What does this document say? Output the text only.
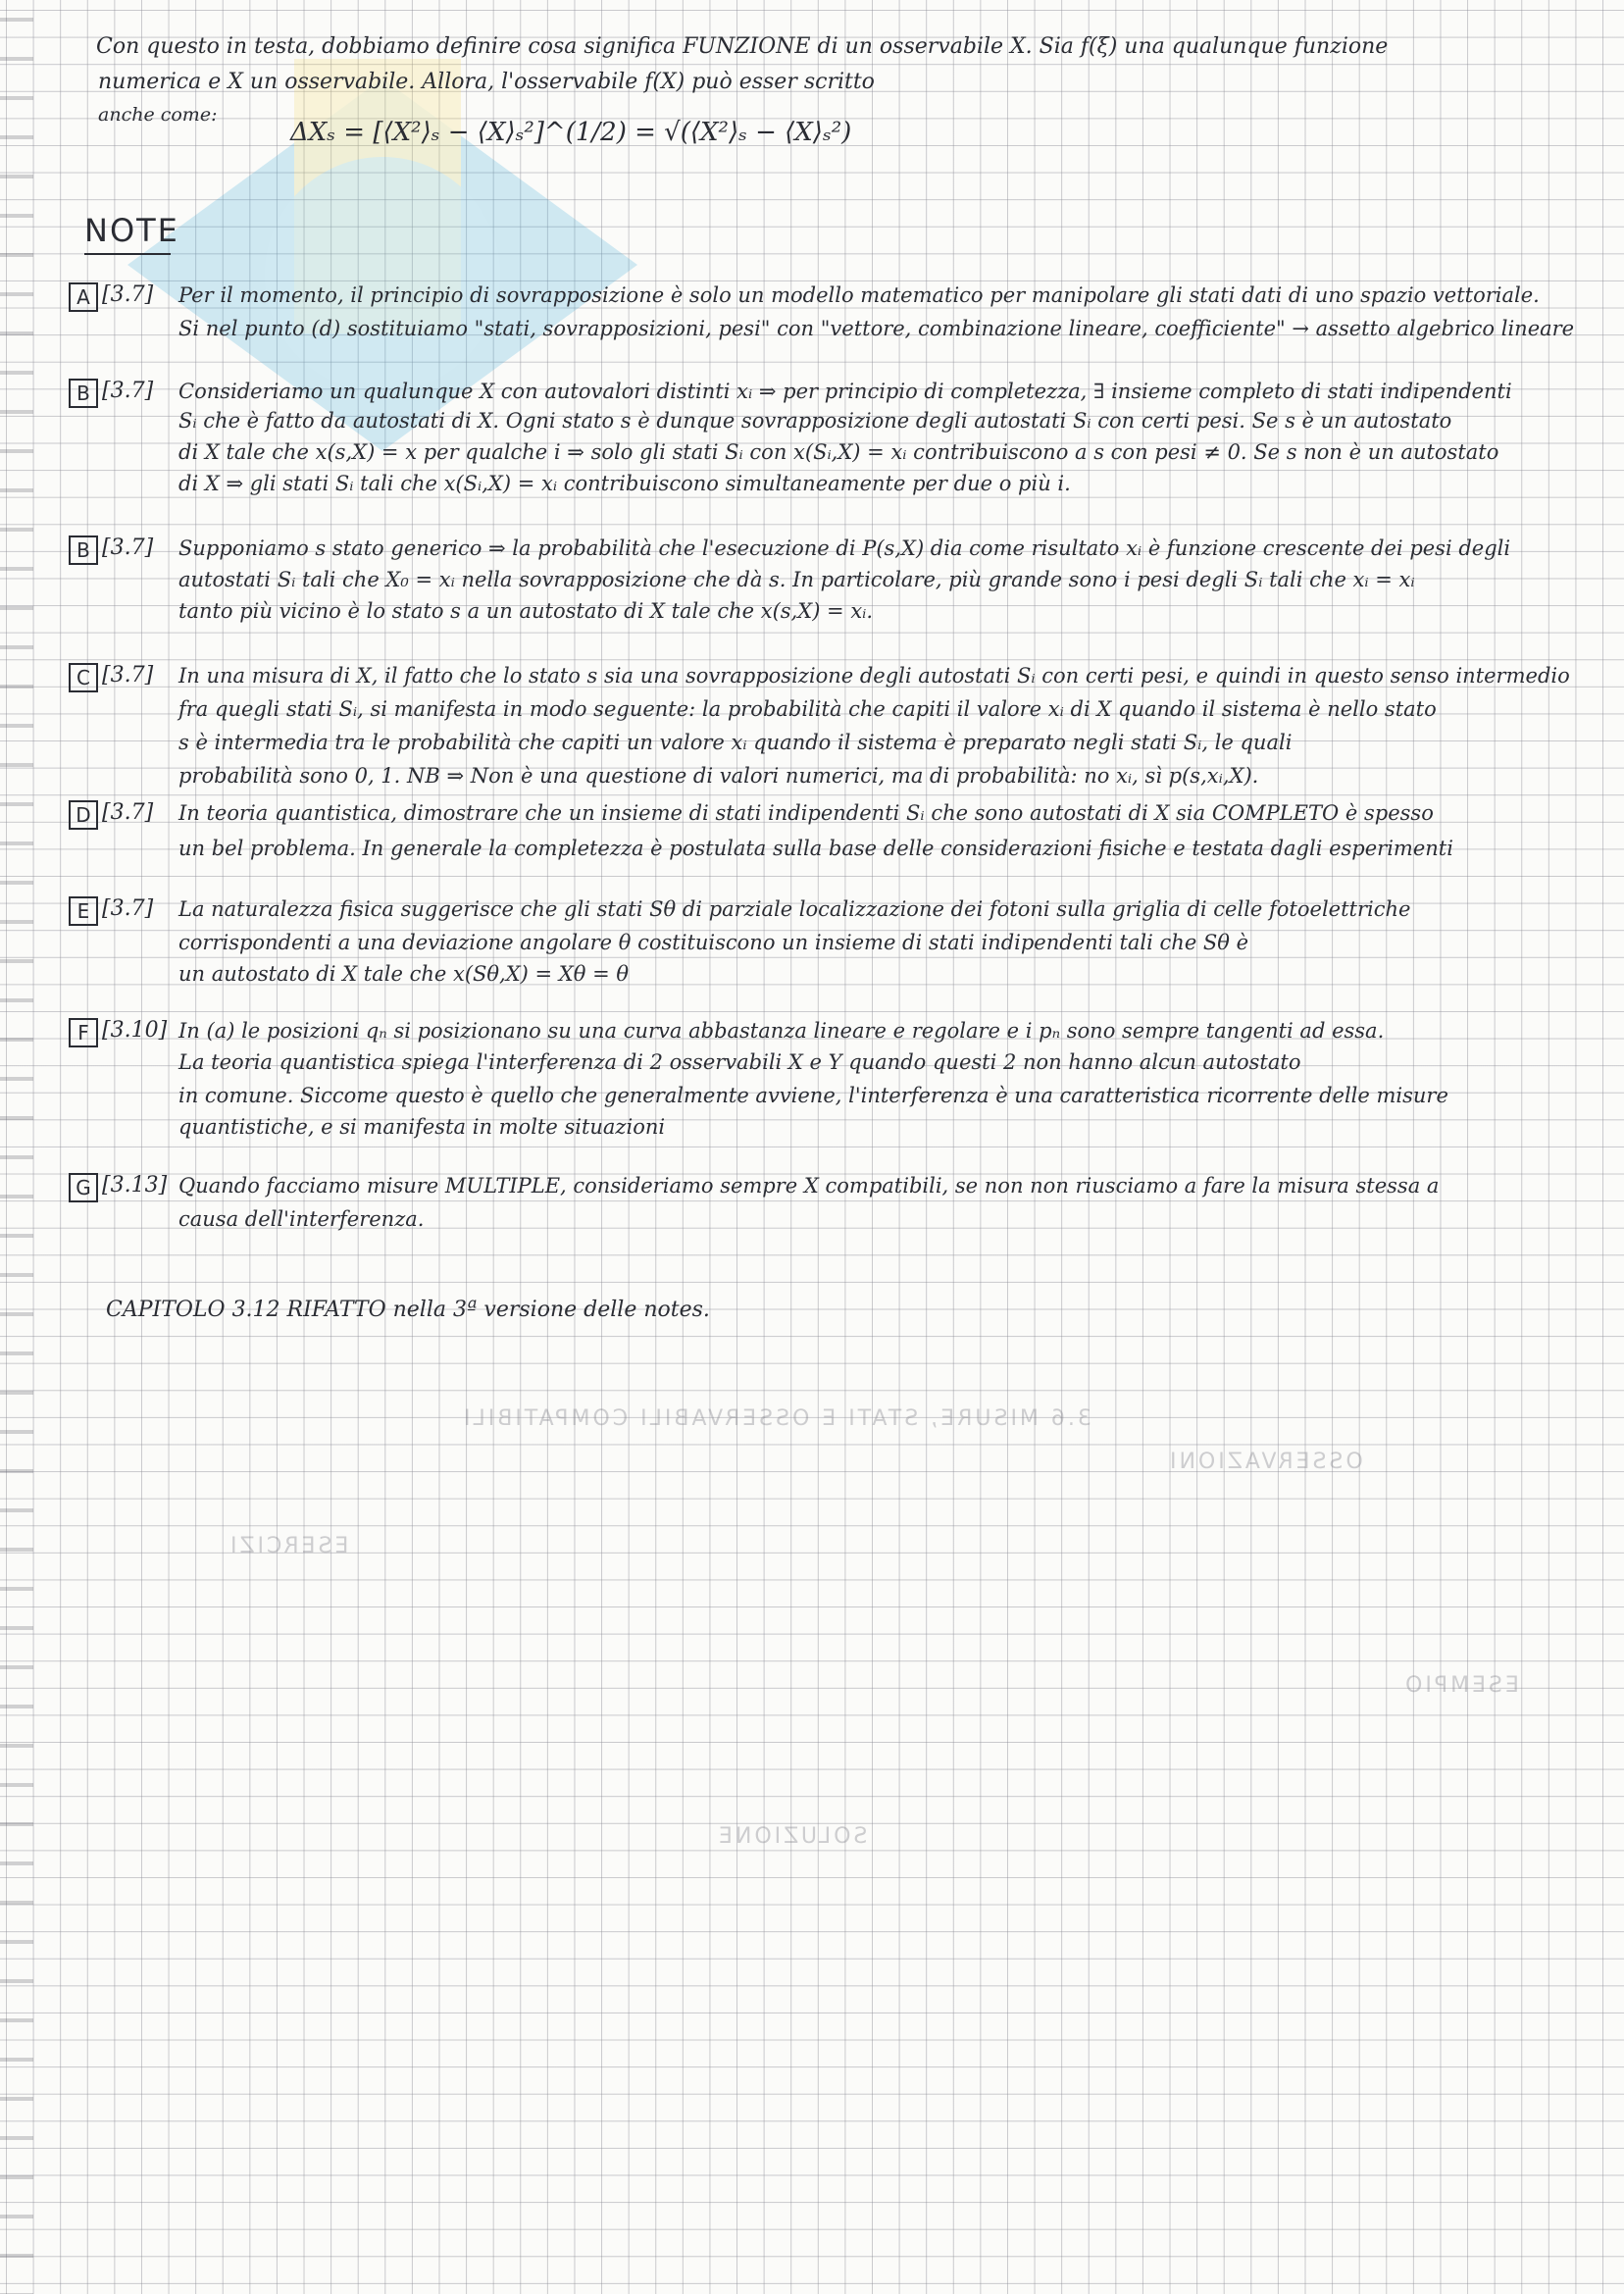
Con questo in testa, dobbiamo definire cosa significa FUNZIONE di un osservabile X. Sia f(ξ) una qualunque funzione
numerica e X un osservabile. Allora, l'osservabile f(X) può esser scritto
anche come:
ΔXₛ = [⟨X²⟩ₛ − ⟨X⟩ₛ²]^(1/2) = √(⟨X²⟩ₛ − ⟨X⟩ₛ²)
NOTE
A [3.7] Per il momento, il principio di sovrapposizione è solo un modello matematico per manipolare gli stati dati di uno spazio vettoriale.
Si nel punto (d) sostituiamo "stati, sovrapposizioni, pesi" con "vettore, combinazione lineare, coefficiente" → assetto algebrico lineare
B [3.7] Consideriamo un qualunque X con autovalori distinti xᵢ ⇒ per principio di completezza, ∃ insieme completo di stati indipendenti
Sᵢ che è fatto da autostati di X. Ogni stato s è dunque sovrapposizione degli autostati Sᵢ con certi pesi. Se s è un autostato
di X tale che x(s,X) = x per qualche i ⇒ solo gli stati Sᵢ con x(Sᵢ,X) = xᵢ contribuiscono a s con pesi ≠ 0. Se s non è un autostato
di X ⇒ gli stati Sᵢ tali che x(Sᵢ,X) = xᵢ contribuiscono simultaneamente per due o più i.
B [3.7] Supponiamo s stato generico ⇒ la probabilità che l'esecuzione di P(s,X) dia come risultato xᵢ è funzione crescente dei pesi degli
autostati Sᵢ tali che X₀ = xᵢ nella sovrapposizione che dà s. In particolare, più grande sono i pesi degli Sᵢ tali che xᵢ = xᵢ
tanto più vicino è lo stato s a un autostato di X tale che x(s,X) = xᵢ.
C [3.7] In una misura di X, il fatto che lo stato s sia una sovrapposizione degli autostati Sᵢ con certi pesi, e quindi in questo senso intermedio
fra quegli stati Sᵢ, si manifesta in modo seguente: la probabilità che capiti il valore xᵢ di X quando il sistema è nello stato
s è intermedia tra le probabilità che capiti un valore xᵢ quando il sistema è preparato negli stati Sᵢ, le quali
probabilità sono 0, 1. NB ⇒ Non è una questione di valori numerici, ma di probabilità: no xᵢ, sì p(s,xᵢ,X).
D [3.7] In teoria quantistica, dimostrare che un insieme di stati indipendenti Sᵢ che sono autostati di X sia COMPLETO è spesso
un bel problema. In generale la completezza è postulata sulla base delle considerazioni fisiche e testata dagli esperimenti
E [3.7] La naturalezza fisica suggerisce che gli stati Sθ di parziale localizzazione dei fotoni sulla griglia di celle fotoelettriche
corrispondenti a una deviazione angolare θ costituiscono un insieme di stati indipendenti tali che Sθ è
un autostato di X tale che x(Sθ,X) = Xθ = θ
F [3.10] In (a) le posizioni qₙ si posizionano su una curva abbastanza lineare e regolare e i pₙ sono sempre tangenti ad essa.
La teoria quantistica spiega l'interferenza di 2 osservabili X e Y quando questi 2 non hanno alcun autostato
in comune. Siccome questo è quello che generalmente avviene, l'interferenza è una caratteristica ricorrente delle misure
quantistiche, e si manifesta in molte situazioni
G [3.13] Quando facciamo misure MULTIPLE, consideriamo sempre X compatibili, se non non riusciamo a fare la misura stessa a
causa dell'interferenza.
CAPITOLO 3.12 RIFATTO nella 3ª versione delle notes.
3.6 MISURE, STATI E OSSERVABILI COMPATIBILI
OSSERVAZIONI
ESERCIZI
ESEMPIO
SOLUZIONE
